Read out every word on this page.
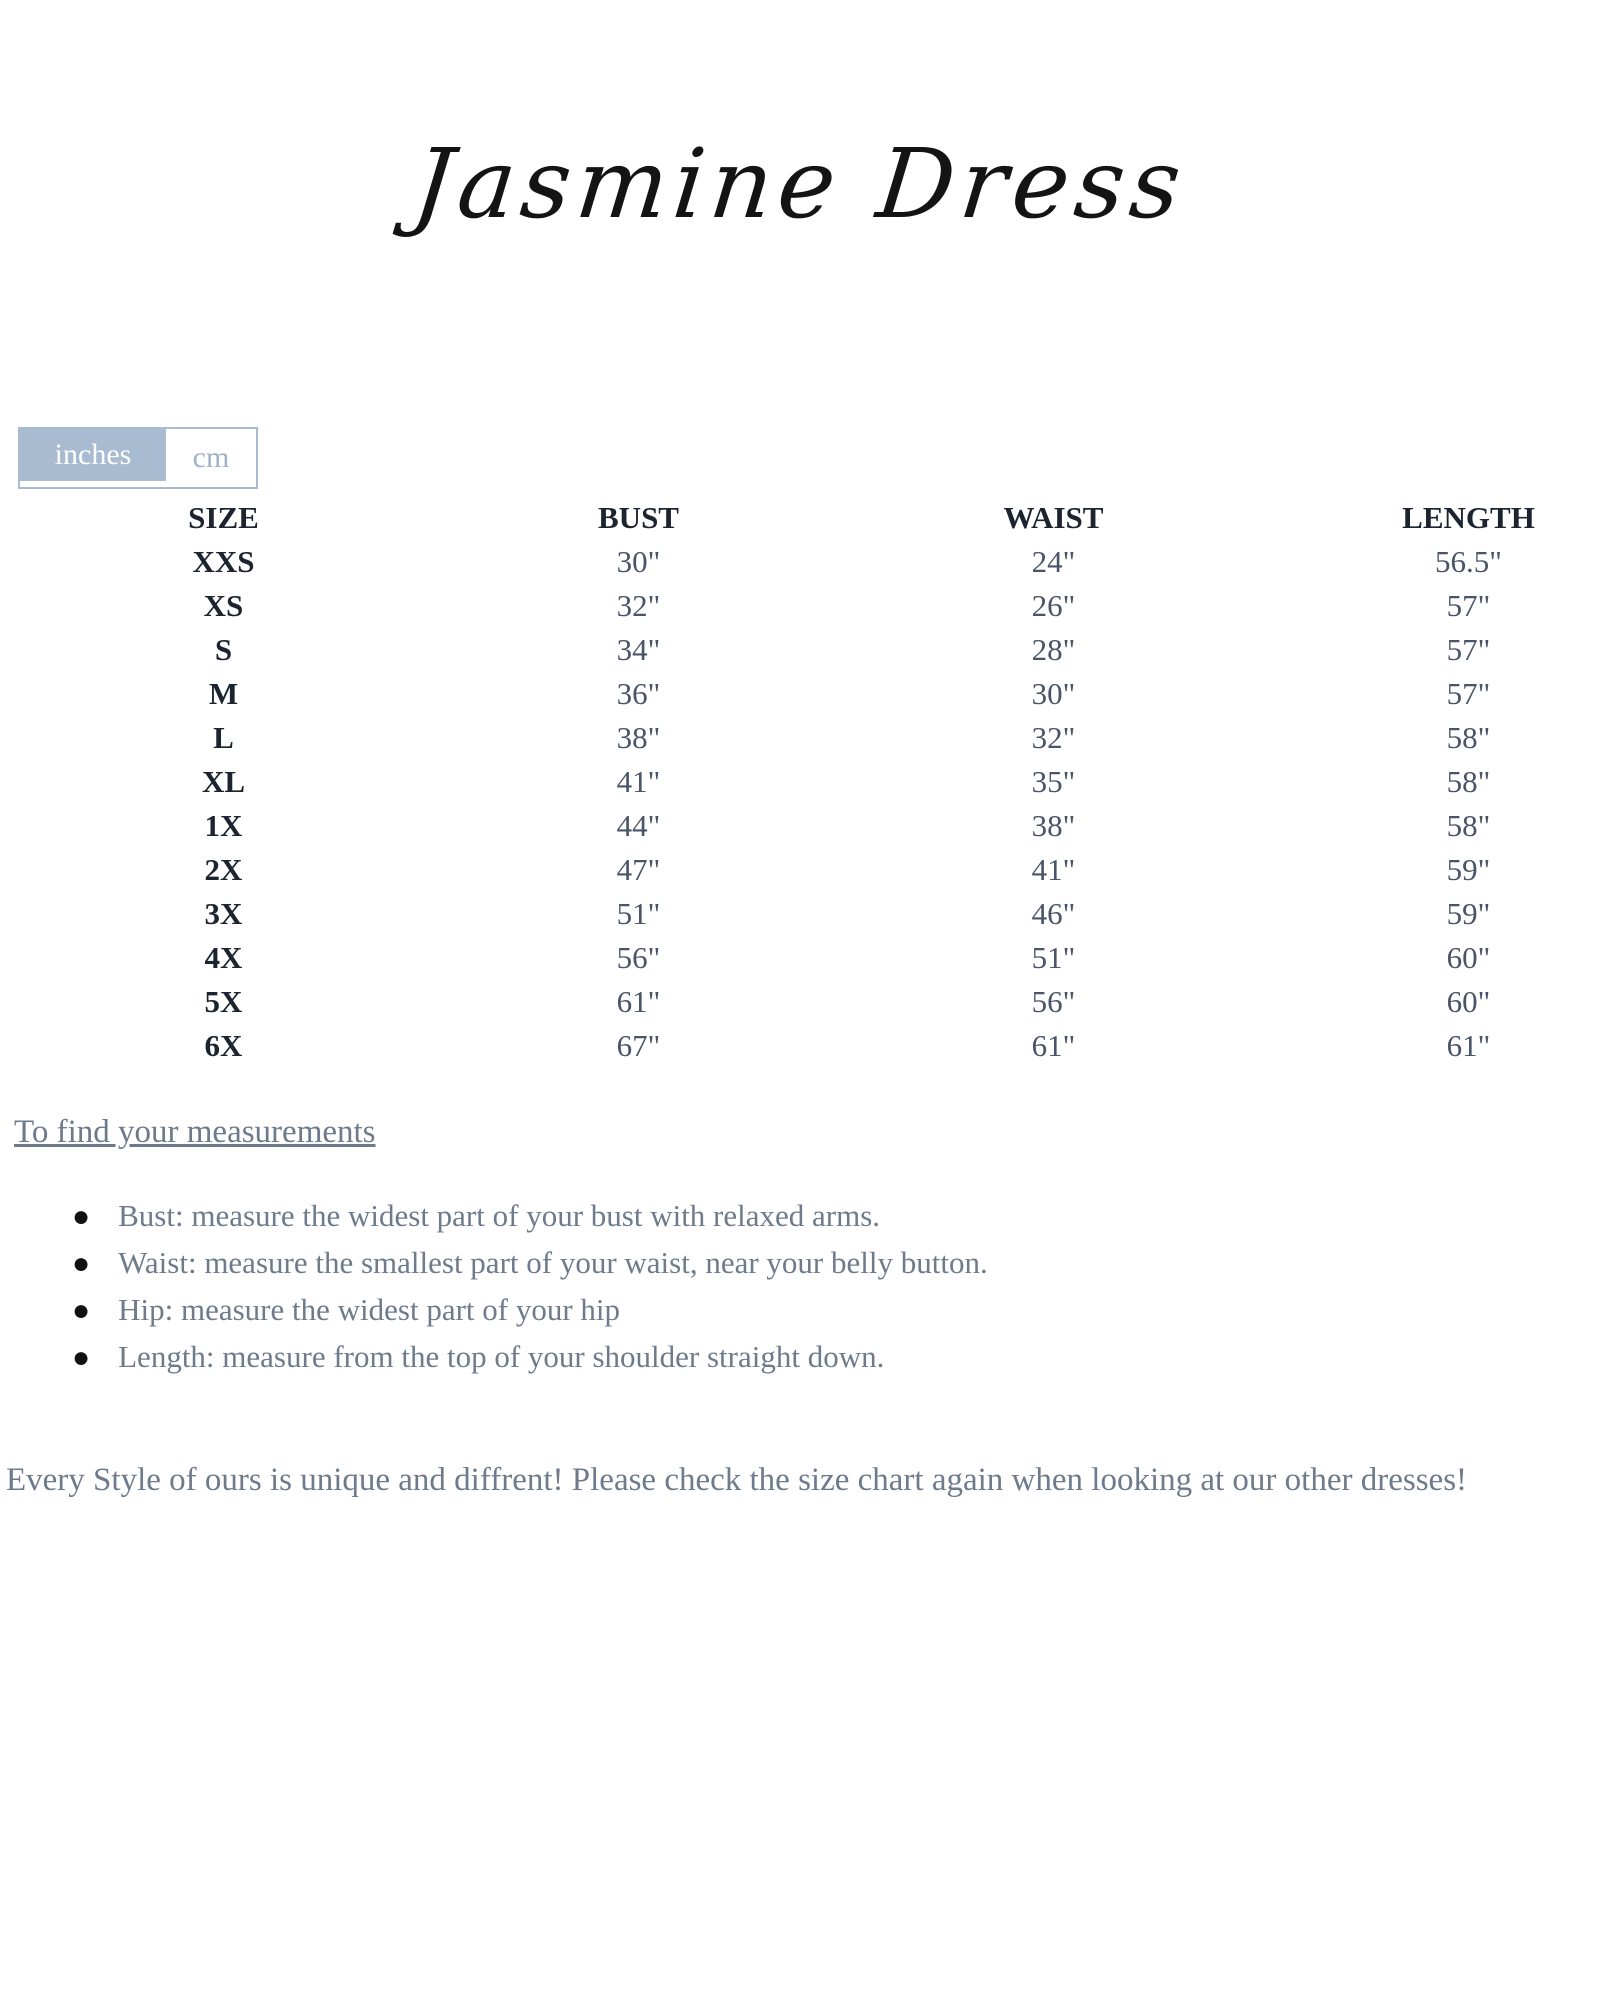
Jasmine Dress
inches	cm
SIZE	BUST	WAIST	LENGTH
XXS	30"	24"	56.5"
XS	32"	26"	57"
S	34"	28"	57"
M	36"	30"	57"
L	38"	32"	58"
XL	41"	35"	58"
1X	44"	38"	58"
2X	47"	41"	59"
3X	51"	46"	59"
4X	56"	51"	60"
5X	61"	56"	60"
6X	67"	61"	61"
To find your measurements
● Bust: measure the widest part of your bust with relaxed arms.
● Waist: measure the smallest part of your waist, near your belly button.
● Hip: measure the widest part of your hip
● Length: measure from the top of your shoulder straight down.
Every Style of ours is unique and diffrent! Please check the size chart again when looking at our other dresses!
